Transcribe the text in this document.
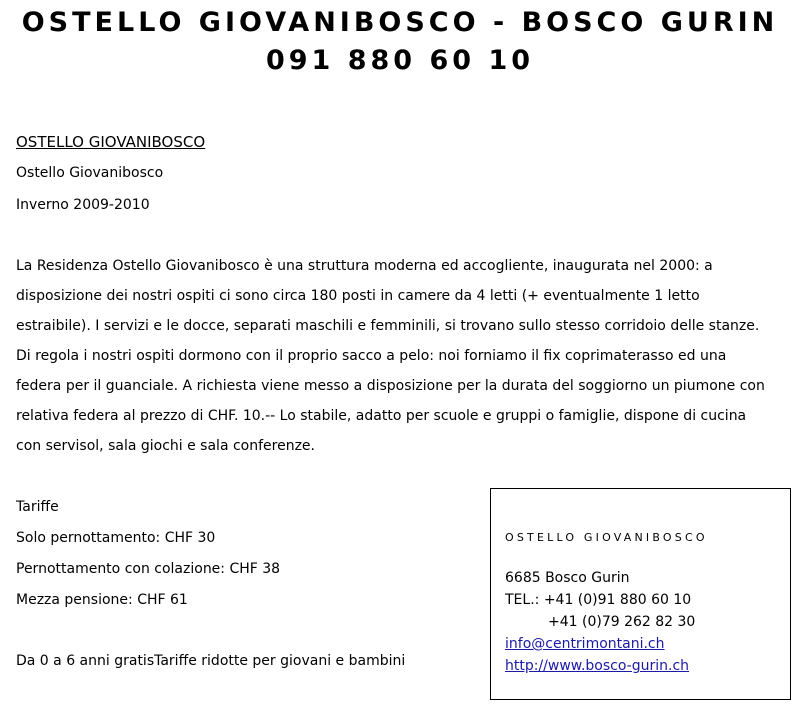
OSTELLO GIOVANIBOSCO - BOSCO GURIN
091 880 60 10
OSTELLO GIOVANIBOSCO
Ostello Giovanibosco
Inverno 2009-2010
La Residenza Ostello Giovanibosco è una struttura moderna ed accogliente, inaugurata nel 2000: a
disposizione dei nostri ospiti ci sono circa 180 posti in camere da 4 letti (+ eventualmente 1 letto
estraibile). I servizi e le docce, separati maschili e femminili, si trovano sullo stesso corridoio delle stanze.
Di regola i nostri ospiti dormono con il proprio sacco a pelo: noi forniamo il fix coprimaterasso ed una
federa per il guanciale. A richiesta viene messo a disposizione per la durata del soggiorno un piumone con
relativa federa al prezzo di CHF. 10.-- Lo stabile, adatto per scuole e gruppi o famiglie, dispone di cucina
con servisol, sala giochi e sala conferenze.
Tariffe
Solo pernottamento: CHF 30
Pernottamento con colazione: CHF 38
Mezza pensione: CHF 61
Da 0 a 6 anni gratisTariffe ridotte per giovani e bambini
OSTELLO GIOVANIBOSCO
6685 Bosco Gurin
TEL.: +41 (0)91 880 60 10
+41 (0)79 262 82 30
info@centrimontani.ch
http://www.bosco-gurin.ch
